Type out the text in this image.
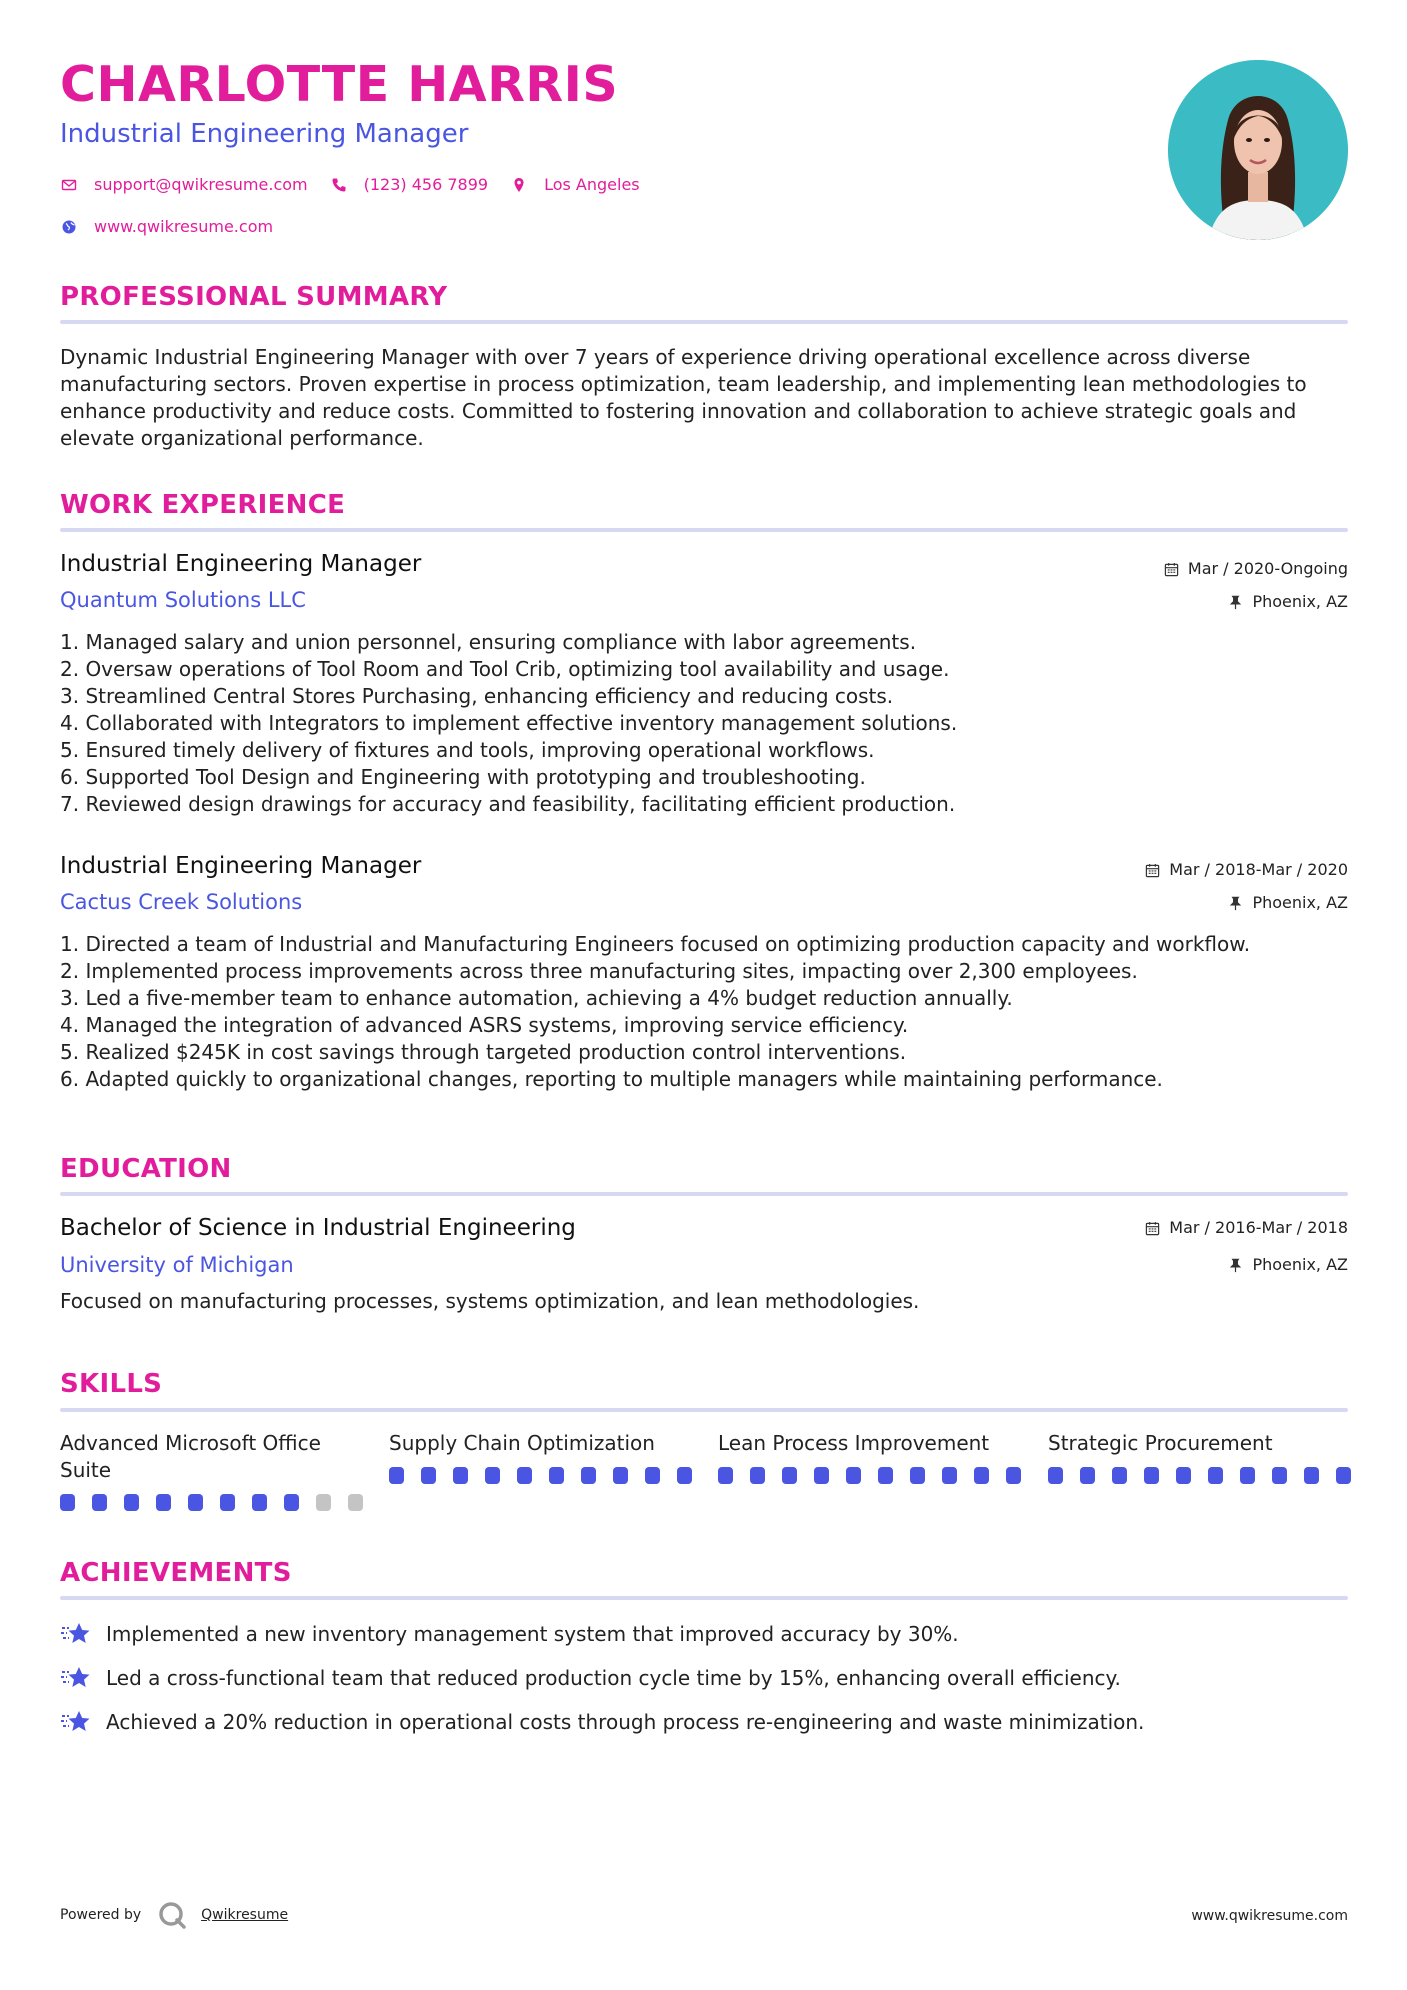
CHARLOTTE HARRIS
Industrial Engineering Manager
support@qwikresume.com	(123) 456 7899	Los Angeles
www.qwikresume.com
PROFESSIONAL SUMMARY
Dynamic Industrial Engineering Manager with over 7 years of experience driving operational excellence across diverse manufacturing sectors. Proven expertise in process optimization, team leadership, and implementing lean methodologies to enhance productivity and reduce costs. Committed to fostering innovation and collaboration to achieve strategic goals and elevate organizational performance.
WORK EXPERIENCE
Industrial Engineering Manager
Quantum Solutions LLC
Mar / 2020-Ongoing
Phoenix, AZ
1. Managed salary and union personnel, ensuring compliance with labor agreements.
2. Oversaw operations of Tool Room and Tool Crib, optimizing tool availability and usage.
3. Streamlined Central Stores Purchasing, enhancing efficiency and reducing costs.
4. Collaborated with Integrators to implement effective inventory management solutions.
5. Ensured timely delivery of fixtures and tools, improving operational workflows.
6. Supported Tool Design and Engineering with prototyping and troubleshooting.
7. Reviewed design drawings for accuracy and feasibility, facilitating efficient production.
Industrial Engineering Manager
Cactus Creek Solutions
Mar / 2018-Mar / 2020
Phoenix, AZ
1. Directed a team of Industrial and Manufacturing Engineers focused on optimizing production capacity and workflow.
2. Implemented process improvements across three manufacturing sites, impacting over 2,300 employees.
3. Led a five-member team to enhance automation, achieving a 4% budget reduction annually.
4. Managed the integration of advanced ASRS systems, improving service efficiency.
5. Realized $245K in cost savings through targeted production control interventions.
6. Adapted quickly to organizational changes, reporting to multiple managers while maintaining performance.
EDUCATION
Bachelor of Science in Industrial Engineering
University of Michigan
Mar / 2016-Mar / 2018
Phoenix, AZ
Focused on manufacturing processes, systems optimization, and lean methodologies.
SKILLS
Advanced Microsoft Office Suite
Supply Chain Optimization	Lean Process Improvement	Strategic Procurement
ACHIEVEMENTS
Implemented a new inventory management system that improved accuracy by 30%.
Led a cross-functional team that reduced production cycle time by 15%, enhancing overall efficiency.
Achieved a 20% reduction in operational costs through process re-engineering and waste minimization.
Powered by	Qwikresume	www.qwikresume.com
